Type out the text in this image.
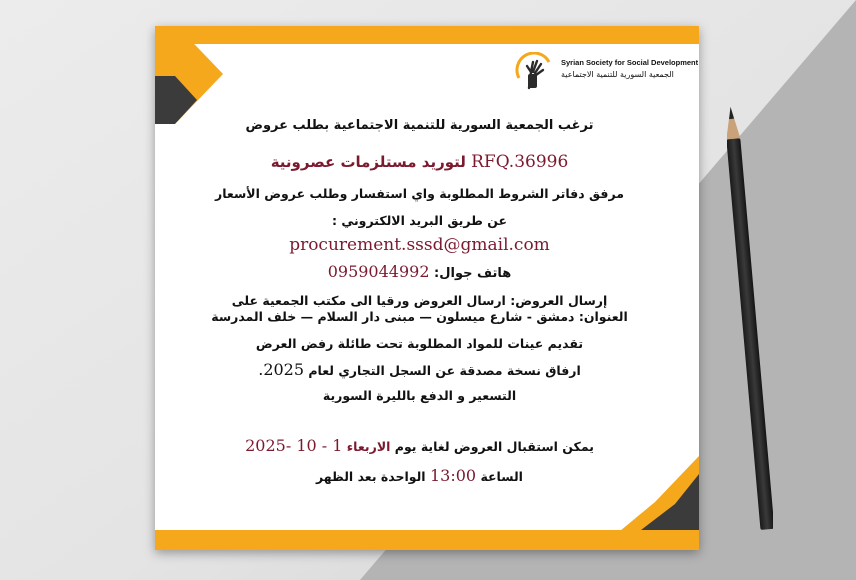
Syrian Society for Social Development
الجمعية السورية للتنمية الاجتماعية
ترغب الجمعية السورية للتنمية الاجتماعية بطلب عروض
RFQ.36996 لتوريد مستلزمات عصرونية
مرفق دفاتر الشروط المطلوبة واي استفسار وطلب عروض الأسعار
عن طريق البريد الالكتروني :
procurement.sssd@gmail.com
هاتف جوال: 0959044992
إرسال العروض: ارسال العروض ورقيا الى مكتب الجمعية على
العنوان: دمشق - شارع ميسلون — مبنى دار السلام — خلف المدرسة
تقديم عينات للمواد المطلوبة تحت طائلة رفض العرض
ارفاق نسخة مصدقة عن السجل التجاري لعام 2025.
التسعير و الدفع بالليرة السورية
يمكن استقبال العروض لغاية يوم الاربعاء 1 - 10 -2025
الساعة 13:00 الواحدة بعد الظهر
